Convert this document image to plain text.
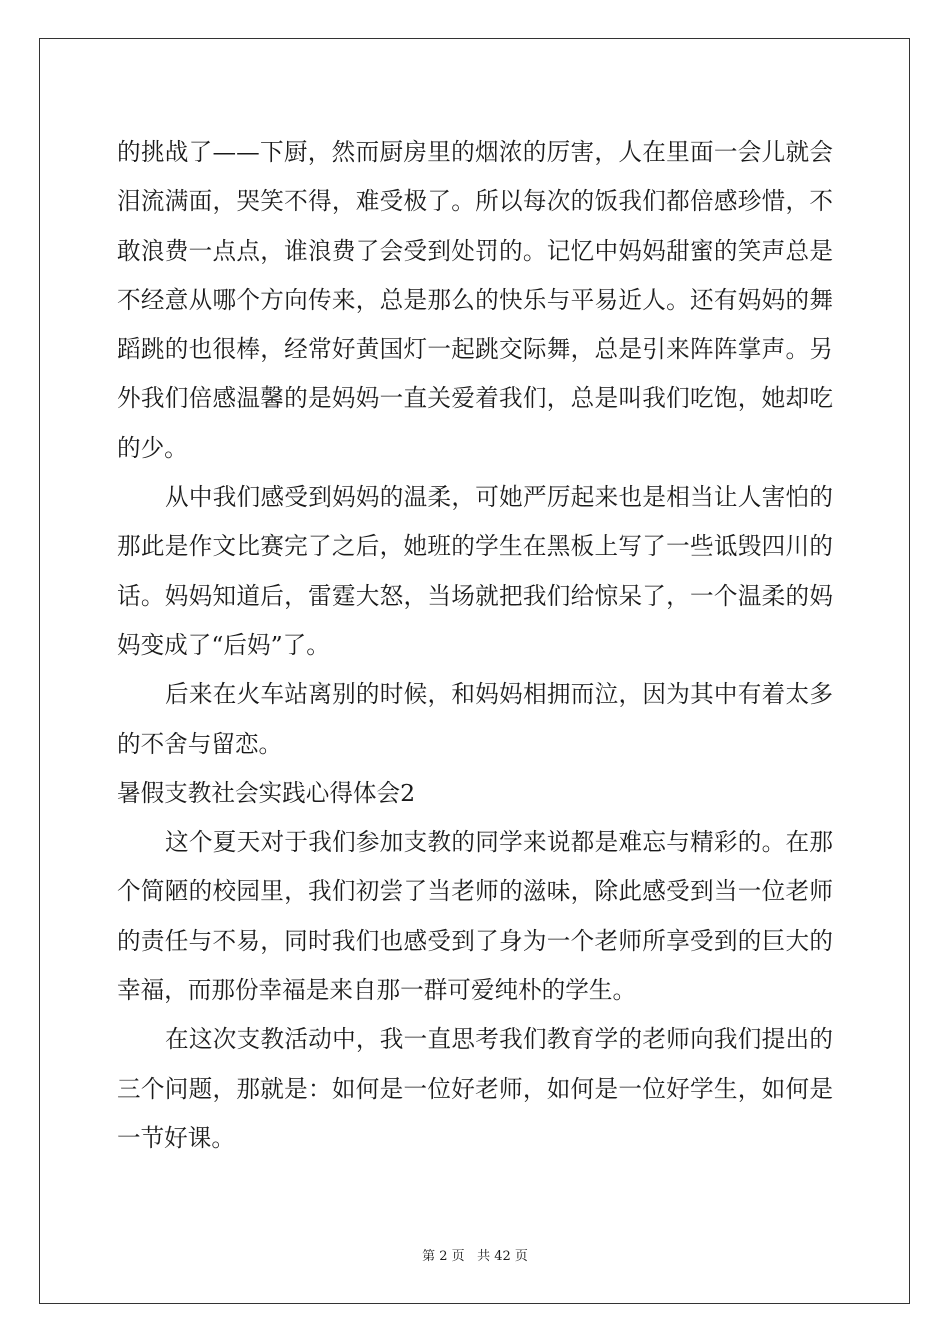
的挑战了——下厨，然而厨房里的烟浓的厉害，人在里面一会儿就会
泪流满面，哭笑不得，难受极了。所以每次的饭我们都倍感珍惜，不
敢浪费一点点，谁浪费了会受到处罚的。记忆中妈妈甜蜜的笑声总是
不经意从哪个方向传来，总是那么的快乐与平易近人。还有妈妈的舞
蹈跳的也很棒，经常好黄国灯一起跳交际舞，总是引来阵阵掌声。另
外我们倍感温馨的是妈妈一直关爱着我们，总是叫我们吃饱，她却吃
的少。
从中我们感受到妈妈的温柔，可她严厉起来也是相当让人害怕的
那此是作文比赛完了之后，她班的学生在黑板上写了一些诋毁四川的
话。妈妈知道后，雷霆大怒，当场就把我们给惊呆了，一个温柔的妈
妈变成了“后妈”了。
后来在火车站离别的时候，和妈妈相拥而泣，因为其中有着太多
的不舍与留恋。
暑假支教社会实践心得体会2
这个夏天对于我们参加支教的同学来说都是难忘与精彩的。在那
个简陋的校园里，我们初尝了当老师的滋味，除此感受到当一位老师
的责任与不易，同时我们也感受到了身为一个老师所享受到的巨大的
幸福，而那份幸福是来自那一群可爱纯朴的学生。
在这次支教活动中，我一直思考我们教育学的老师向我们提出的
三个问题，那就是：如何是一位好老师，如何是一位好学生，如何是
一节好课。
第 2 页 共 42 页
